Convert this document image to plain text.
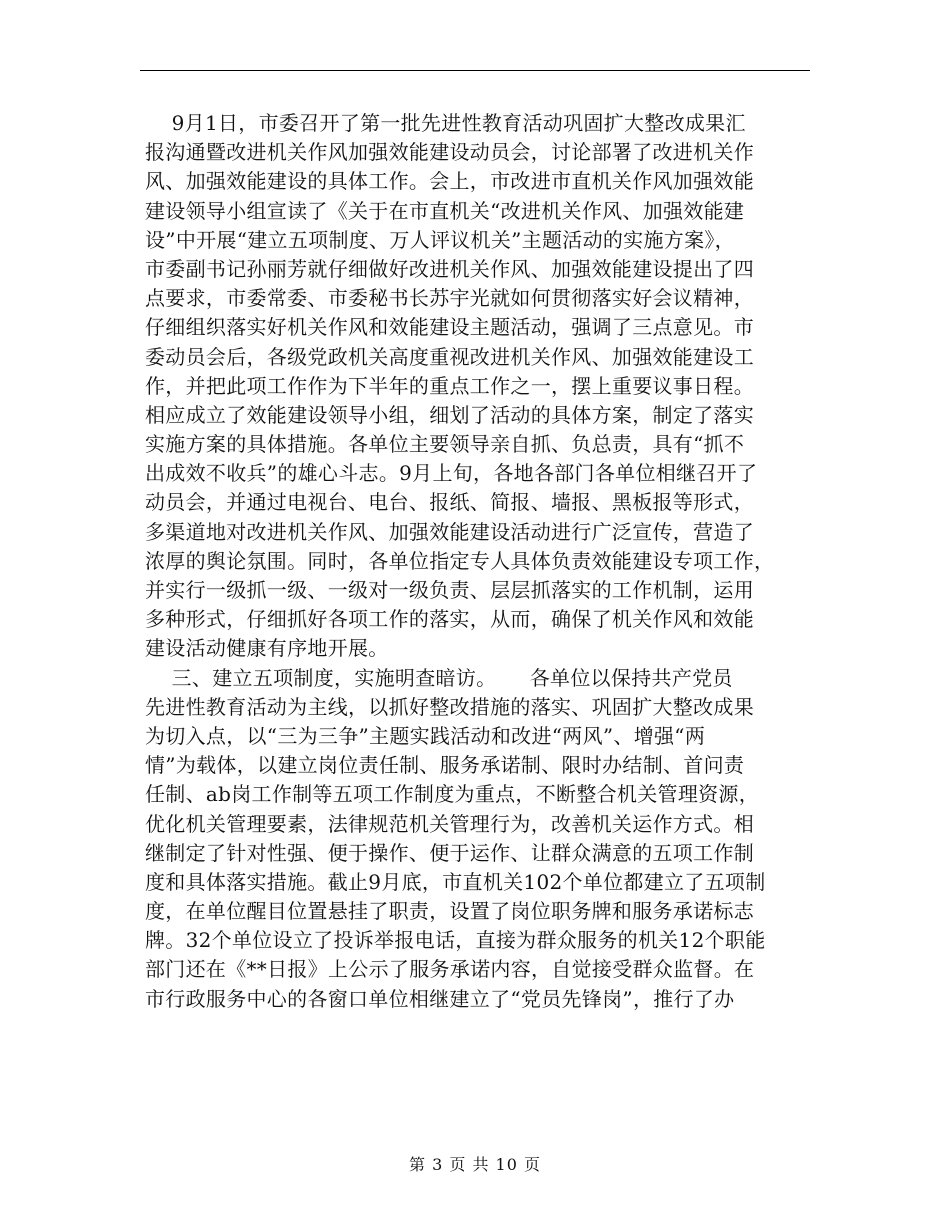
9月1日，市委召开了第一批先进性教育活动巩固扩大整改成果汇
报沟通暨改进机关作风加强效能建设动员会，讨论部署了改进机关作
风、加强效能建设的具体工作。会上，市改进市直机关作风加强效能
建设领导小组宣读了《关于在市直机关“改进机关作风、加强效能建
设”中开展“建立五项制度、万人评议机关”主题活动的实施方案》，
市委副书记孙丽芳就仔细做好改进机关作风、加强效能建设提出了四
点要求，市委常委、市委秘书长苏宇光就如何贯彻落实好会议精神，
仔细组织落实好机关作风和效能建设主题活动，强调了三点意见。市
委动员会后，各级党政机关高度重视改进机关作风、加强效能建设工
作，并把此项工作作为下半年的重点工作之一，摆上重要议事日程。
相应成立了效能建设领导小组，细划了活动的具体方案，制定了落实
实施方案的具体措施。各单位主要领导亲自抓、负总责，具有“抓不
出成效不收兵”的雄心斗志。9月上旬，各地各部门各单位相继召开了
动员会，并通过电视台、电台、报纸、简报、墙报、黑板报等形式，
多渠道地对改进机关作风、加强效能建设活动进行广泛宣传，营造了
浓厚的舆论氛围。同时，各单位指定专人具体负责效能建设专项工作，
并实行一级抓一级、一级对一级负责、层层抓落实的工作机制，运用
多种形式，仔细抓好各项工作的落实，从而，确保了机关作风和效能
建设活动健康有序地开展。
三、建立五项制度，实施明查暗访。     各单位以保持共产党员
先进性教育活动为主线，以抓好整改措施的落实、巩固扩大整改成果
为切入点，以“三为三争”主题实践活动和改进“两风”、增强“两
情”为载体，以建立岗位责任制、服务承诺制、限时办结制、首问责
任制、ab岗工作制等五项工作制度为重点，不断整合机关管理资源，
优化机关管理要素，法律规范机关管理行为，改善机关运作方式。相
继制定了针对性强、便于操作、便于运作、让群众满意的五项工作制
度和具体落实措施。截止9月底，市直机关102个单位都建立了五项制
度，在单位醒目位置悬挂了职责，设置了岗位职务牌和服务承诺标志
牌。32个单位设立了投诉举报电话，直接为群众服务的机关12个职能
部门还在《**日报》上公示了服务承诺内容，自觉接受群众监督。在
市行政服务中心的各窗口单位相继建立了“党员先锋岗”，推行了办
第 3 页 共 10 页
